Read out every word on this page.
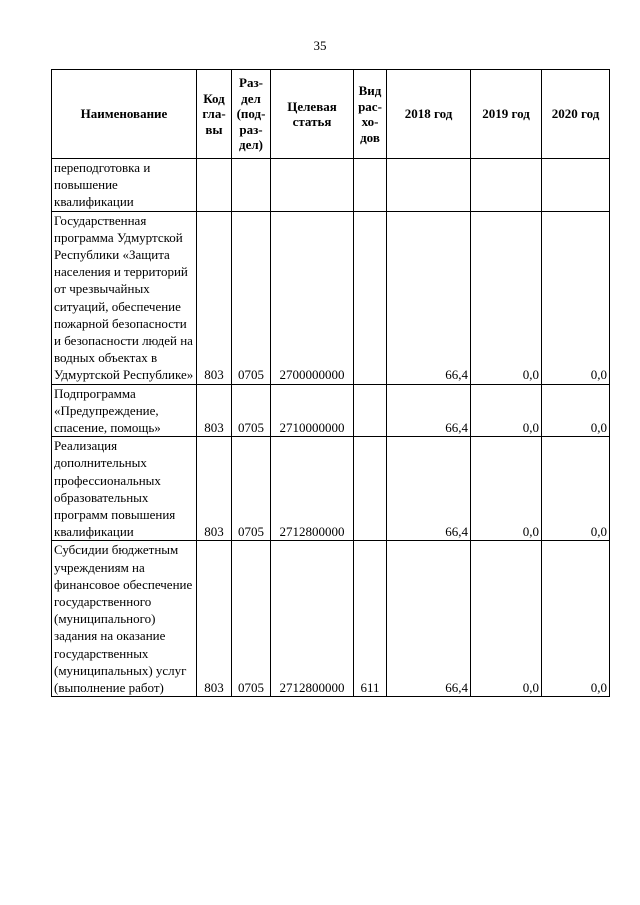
35
Наименование	Код гла-вы	Раз-дел (под-раз-дел)	Целевая статья	Вид рас-хо-дов	2018 год	2019 год	2020 год
переподготовка и повышение квалификации							
Государственная программа Удмуртской Республики «Защита населения и территорий от чрезвычайных ситуаций, обеспечение пожарной безопасности и безопасности людей на водных объектах в Удмуртской Республике»	803	0705	2700000000		66,4	0,0	0,0
Подпрограмма «Предупреждение, спасение, помощь»	803	0705	2710000000		66,4	0,0	0,0
Реализация дополнительных профессиональных образовательных программ повышения квалификации	803	0705	2712800000		66,4	0,0	0,0
Субсидии бюджетным учреждениям на финансовое обеспечение государственного (муниципального) задания на оказание государственных (муниципальных) услуг (выполнение работ)	803	0705	2712800000	611	66,4	0,0	0,0
